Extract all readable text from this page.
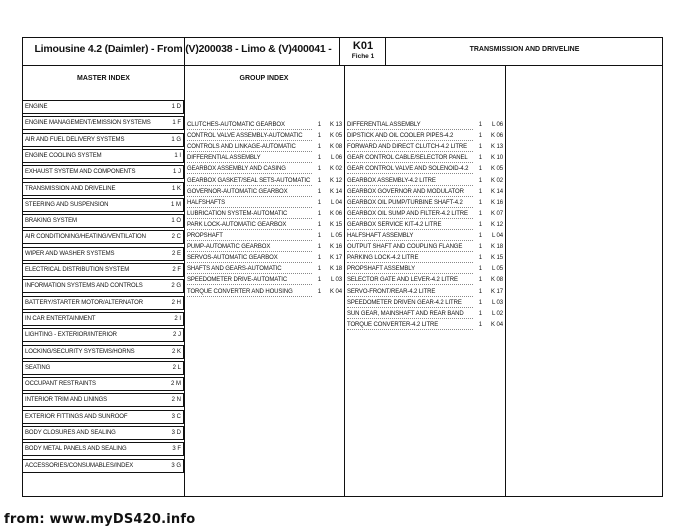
Limousine 4.2 (Daimler) - From (V)200038 - Limo & (V)400041 -	K01
Fiche 1
TRANSMISSION AND DRIVELINE
MASTER INDEX	GROUP INDEX
ENGINE	1 D
ENGINE MANAGEMENT/EMISSION SYSTEMS	1 F
AIR AND FUEL DELIVERY SYSTEMS	1 G
ENGINE COOLING SYSTEM	1 I
EXHAUST SYSTEM AND COMPONENTS	1 J
TRANSMISSION AND DRIVELINE	1 K
STEERING AND SUSPENSION	1 M
BRAKING SYSTEM	1 O
AIR CONDITIONING/HEATING/VENTILATION	2 C
WIPER AND WASHER SYSTEMS	2 E
ELECTRICAL DISTRIBUTION SYSTEM	2 F
INFORMATION SYSTEMS AND CONTROLS	2 G
BATTERY/STARTER MOTOR/ALTERNATOR	2 H
IN CAR ENTERTAINMENT	2 I
LIGHTING - EXTERIOR/INTERIOR	2 J
LOCKING/SECURITY SYSTEMS/HORNS	2 K
SEATING	2 L
OCCUPANT RESTRAINTS	2 M
INTERIOR TRIM AND LININGS	2 N
EXTERIOR FITTINGS AND SUNROOF	3 C
BODY CLOSURES AND SEALING	3 D
BODY METAL PANELS AND SEALING	3 F
ACCESSORIES/CONSUMABLES/INDEX	3 G
CLUTCHES-AUTOMATIC GEARBOX	1 K 13
CONTROL VALVE ASSEMBLY-AUTOMATIC	1 K 05
CONTROLS AND LINKAGE-AUTOMATIC	1 K 08
DIFFERENTIAL ASSEMBLY	1 L 06
GEARBOX ASSEMBLY AND CASING	1 K 02
GEARBOX GASKET/SEAL SETS-AUTOMATIC 1 K 12
GOVERNOR-AUTOMATIC GEARBOX	1 K 14
HALFSHAFTS	1 L 04
LUBRICATION SYSTEM-AUTOMATIC	1 K 06
PARK LOCK-AUTOMATIC GEARBOX	1 K 15
PROPSHAFT	1 L 05
PUMP-AUTOMATIC GEARBOX	1 K 16
SERVOS-AUTOMATIC GEARBOX	1 K 17
SHAFTS AND GEARS-AUTOMATIC	1 K 18
SPEEDOMETER DRIVE-AUTOMATIC	1 L 03
TORQUE CONVERTER AND HOUSING	1 K 04
DIFFERENTIAL ASSEMBLY	1 L 06
DIPSTICK AND OIL COOLER PIPES-4.2	1 K 06
FORWARD AND DIRECT CLUTCH-4.2 LITRE 1 K 13
GEAR CONTROL CABLE/SELECTOR PANEL 1 K 10
GEAR CONTROL VALVE AND SOLENOID-4.2 1 K 05
GEARBOX ASSEMBLY-4.2 LITRE	1 K 02
GEARBOX GOVERNOR AND MODULATOR 1 K 14
GEARBOX OIL PUMP/TURBINE SHAFT-4.2	1 K 16
GEARBOX OIL SUMP AND FILTER-4.2 LITRE 1 K 07
GEARBOX SERVICE KIT-4.2 LITRE	1 K 12
HALFSHAFT ASSEMBLY	1 L 04
OUTPUT SHAFT AND COUPLING FLANGE	1 K 18
PARKING LOCK-4.2 LITRE	1 K 15
PROPSHAFT ASSEMBLY	1 L 05
SELECTOR GATE AND LEVER-4.2 LITRE	1 K 08
SERVO-FRONT/REAR-4.2 LITRE	1 K 17
SPEEDOMETER DRIVEN GEAR-4.2 LITRE	1 L 03
SUN GEAR, MAINSHAFT AND REAR BAND	1 L 02
TORQUE CONVERTER-4.2 LITRE	1 K 04
from: www.myDS420.info
